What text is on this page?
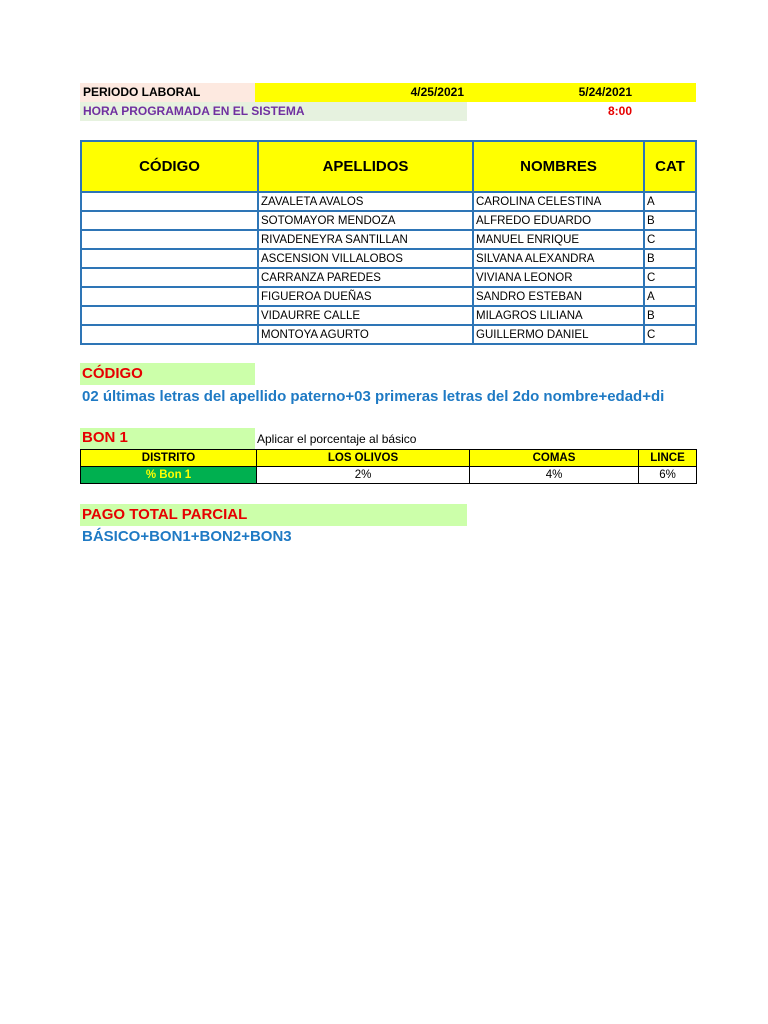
PERIODO LABORAL	4/25/2021	5/24/2021
HORA PROGRAMADA EN EL SISTEMA	8:00
CÓDIGO	APELLIDOS	NOMBRES	CAT
	ZAVALETA AVALOS	CAROLINA CELESTINA	A
	SOTOMAYOR MENDOZA	ALFREDO EDUARDO	B
	RIVADENEYRA SANTILLAN	MANUEL ENRIQUE	C
	ASCENSION VILLALOBOS	SILVANA ALEXANDRA	B
	CARRANZA PAREDES	VIVIANA LEONOR	C
	FIGUEROA DUEÑAS	SANDRO ESTEBAN	A
	VIDAURRE CALLE	MILAGROS LILIANA	B
	MONTOYA AGURTO	GUILLERMO DANIEL	C
CÓDIGO
02 últimas letras del apellido paterno+03 primeras letras del 2do nombre+edad+di
BON 1	Aplicar el porcentaje al básico
DISTRITO	LOS OLIVOS	COMAS	LINCE
% Bon 1	2%	4%	6%
PAGO TOTAL PARCIAL
BÁSICO+BON1+BON2+BON3
